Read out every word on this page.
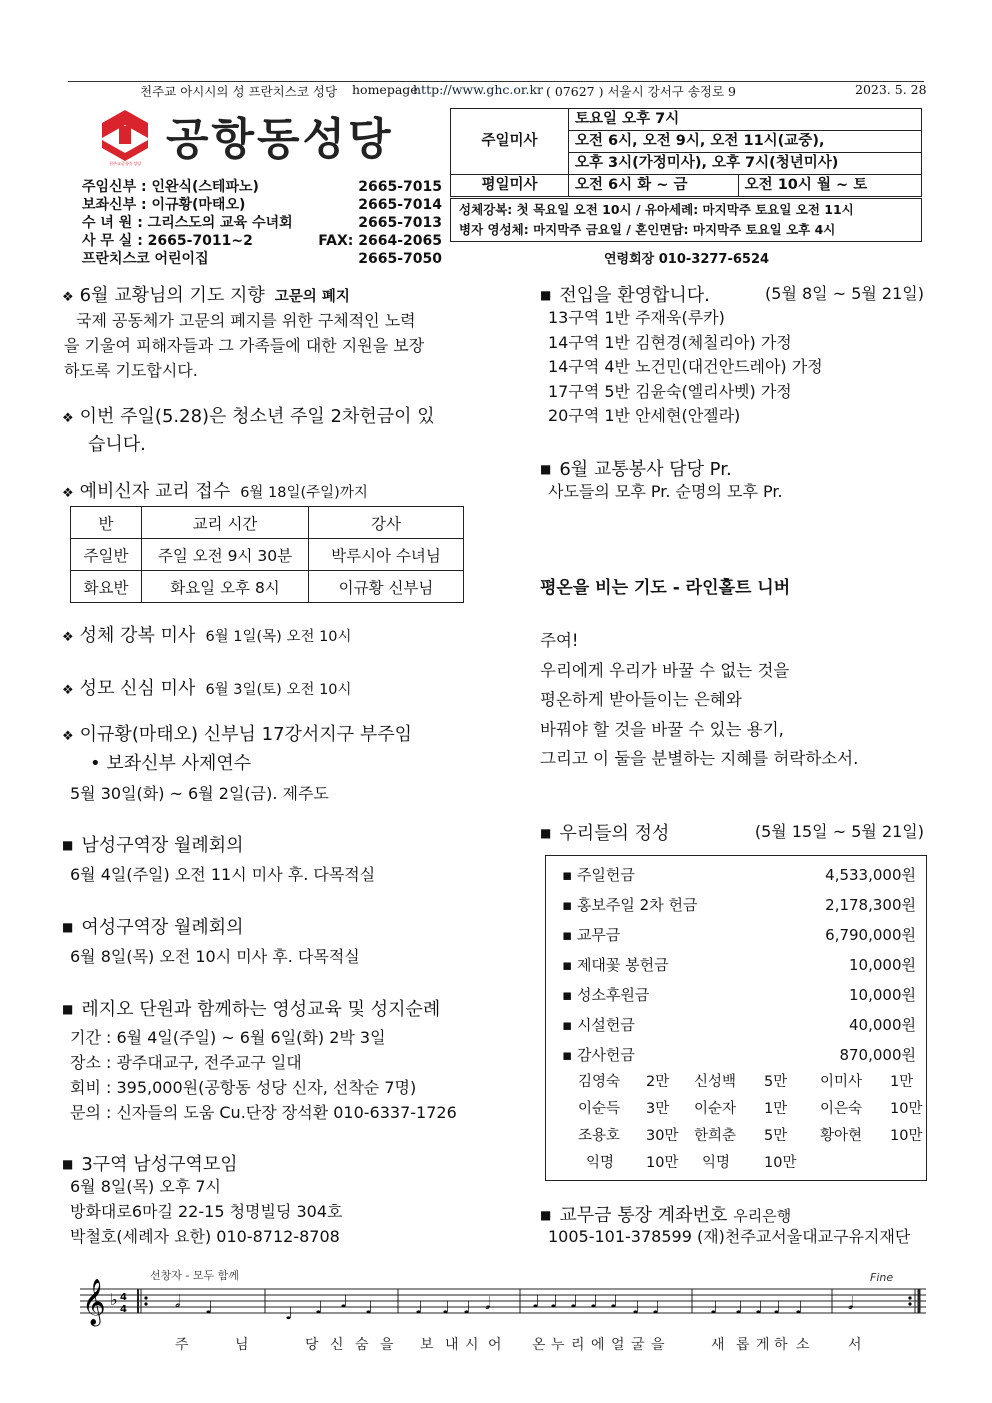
천주교 아시시의 성 프란치스코 성당 homepage
http://www.ghc.or.kr ( 07627 ) 서울시 강서구 송정로 9	2023. 5. 28
천주교공항동성당 공항동성당
주임신부 : 인완식(스테파노)	2665-7015
보좌신부 : 이규황(마태오)	2665-7014
수 녀 원 : 그리스도의 교육 수녀회	2665-7013
사 무 실 : 2665-7011~2	FAX: 2664-2065
프란치스코 어린이집	2665-7050
주일미사	토요일 오후 7시	
	오전 6시, 오전 9시, 오전 11시(교중),	
	오후 3시(가정미사), 오후 7시(청년미사)	
평일미사	오전 6시 화 ~ 금	오전 10시 월 ~ 토
성체강복: 첫 목요일 오전 10시 / 유아세례: 마지막주 토요일 오전 11시
병자 영성체: 마지막주 금요일 / 혼인면담: 마지막주 토요일 오후 4시
연령회장 010-3277-6524
❖ 6월 교황님의 기도 지향 고문의 폐지
국제 공동체가 고문의 폐지를 위한 구체적인 노력
을 기울여 피해자들과 그 가족들에 대한 지원을 보장
하도록 기도합시다.
❖ 이번 주일(5.28)은 청소년 주일 2차헌금이 있
습니다.
❖ 예비신자 교리 접수 6월 18일(주일)까지
반	교리 시간	강사
주일반	주일 오전 9시 30분	박루시아 수녀님
화요반	화요일 오후 8시	이규황 신부님
❖ 성체 강복 미사 6월 1일(목) 오전 10시
❖ 성모 신심 미사 6월 3일(토) 오전 10시
❖ 이규황(마태오) 신부님 17강서지구 부주임
• 보좌신부 사제연수
5월 30일(화) ~ 6월 2일(금). 제주도
■ 남성구역장 월례회의
6월 4일(주일) 오전 11시 미사 후. 다목적실
■ 여성구역장 월례회의
6월 8일(목) 오전 10시 미사 후. 다목적실
■ 레지오 단원과 함께하는 영성교육 및 성지순례
기간 : 6월 4일(주일) ~ 6월 6일(화) 2박 3일
장소 : 광주대교구, 전주교구 일대
회비 : 395,000원(공항동 성당 신자, 선착순 7명)
문의 : 신자들의 도움 Cu.단장 장석환 010-6337-1726
■ 3구역 남성구역모임
6월 8일(목) 오후 7시
방화대로6마길 22-15 청명빌딩 304호
박철호(세례자 요한) 010-8712-8708
■ 전입을 환영합니다.	(5월 8일 ~ 5월 21일)
13구역 1반 주재욱(루카)
14구역 1반 김현경(체칠리아) 가정
14구역 4반 노건민(대건안드레아) 가정
17구역 5반 김윤숙(엘리사벳) 가정
20구역 1반 안세현(안젤라)
■ 6월 교통봉사 담당 Pr.
사도들의 모후 Pr. 순명의 모후 Pr.
평온을 비는 기도 - 라인홀트 니버
주여!
우리에게 우리가 바꿀 수 없는 것을
평온하게 받아들이는 은혜와
바꿔야 할 것을 바꿀 수 있는 용기,
그리고 이 둘을 분별하는 지혜를 허락하소서.
■ 우리들의 정성	(5월 15일 ~ 5월 21일)
▪ 주일헌금	4,533,000원
▪ 홍보주일 2차 헌금	2,178,300원
▪ 교무금	6,790,000원
▪ 제대꽃 봉헌금	10,000원
▪ 성소후원금	10,000원
▪ 시설헌금	40,000원
▪ 감사헌금	870,000원
김영숙	2만	신성백	5만	이미사	1만
이순득	3만	이순자	1만	이은숙	10만
조용호	30만	한희춘	5만	황아현	10만
익명	10만	익명	10만
■ 교무금 통장 계좌번호 우리은행
1005-101-378599 (재)천주교서울대교구유지재단
𝄞 ♭ 4
4
선창자 - 모두 함께	Fine
주	님	당 신 숨 을 보 내 시 어 온 누 리 에 얼 굴 을	새 롭 게 하 소	서
𝅗𝅥 ♩	♩ ♩ ♩ ♩ ♩ ♩ ♩ 𝅗𝅥 ♩ ♩ ♩ ♩ ♩ ♩ ♩	♩ ♩ ♩ ♩ ♩	𝅗𝅥
